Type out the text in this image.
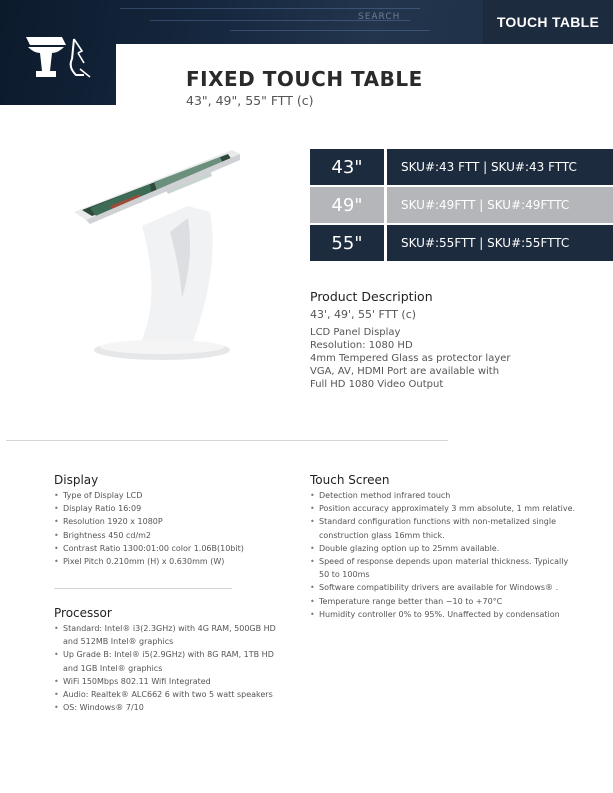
SEARCH	TOUCH TABLE
FIXED TOUCH TABLE
43", 49", 55" FTT (c)
43"	SKU#:43 FTT | SKU#:43 FTTC
49"	SKU#:49FTT | SKU#:49FTTC
55"	SKU#:55FTT | SKU#:55FTTC
Product Description
43', 49', 55' FTT (c)
LCD Panel Display
Resolution: 1080 HD
4mm Tempered Glass as protector layer
VGA, AV, HDMI Port are available with
Full HD 1080 Video Output
Display
• Type of Display LCD
• Display Ratio 16:09
• Resolution 1920 x 1080P
• Brightness 450 cd/m2
• Contrast Ratio 1300:01:00 color 1.06B(10bit)
• Pixel Pitch 0.210mm (H) x 0.630mm (W)
Processor
• Standard: Intel® i3(2.3GHz) with 4G RAM, 500GB HD
and 512MB Intel® graphics
• Up Grade B: Intel® i5(2.9GHz) with 8G RAM, 1TB HD
and 1GB Intel® graphics
• WiFi 150Mbps 802.11 Wifi Integrated
• Audio: Realtek® ALC662 6 with two 5 watt speakers
• OS: Windows® 7/10
Touch Screen
• Detection method infrared touch
• Position accuracy approximately 3 mm absolute, 1 mm relative.
• Standard configuration functions with non-metalized single
construction glass 16mm thick.
• Double glazing option up to 25mm available.
• Speed of response depends upon material thickness. Typically
50 to 100ms
• Software compatibility drivers are available for Windows® .
• Temperature range better than −10 to +70°C
• Humidity controller 0% to 95%. Unaffected by condensation
